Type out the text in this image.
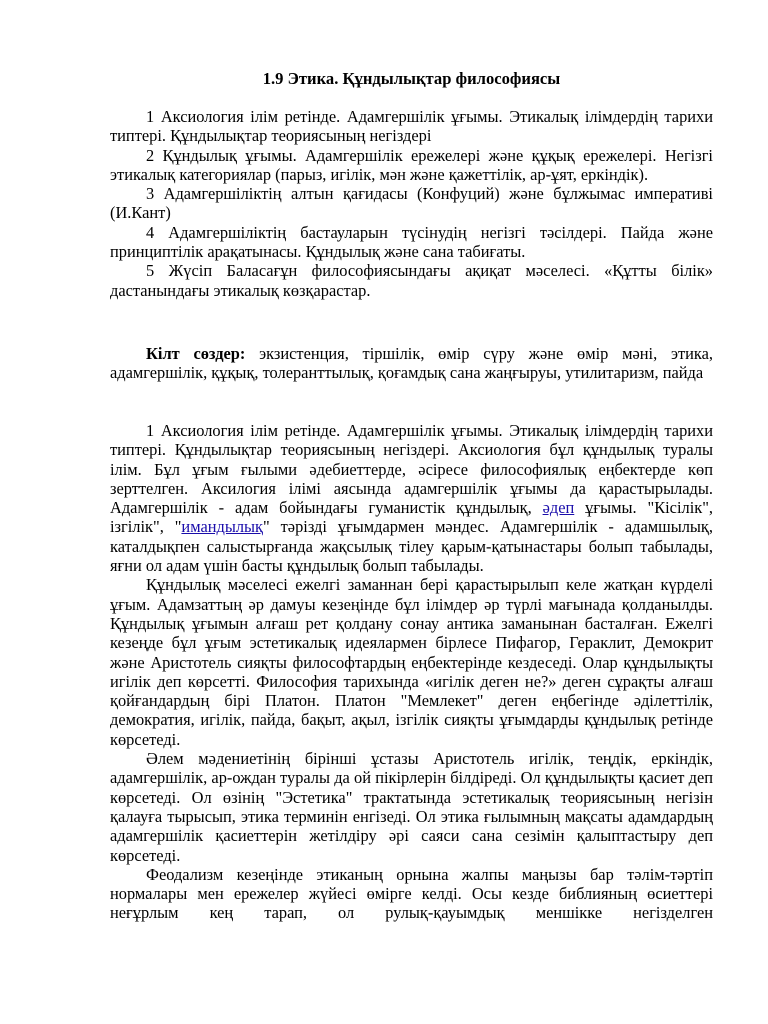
1.9 Этика. Құндылықтар философиясы

1 Аксиология ілім ретінде. Адамгершілік ұғымы. Этикалық ілімдердің тарихи типтері. Құндылықтар теориясының негіздері

2 Құндылық ұғымы. Адамгершілік ережелері және құқық ережелері. Негізгі этикалық категориялар (парыз, игілік, мән және қажеттілік, ар-ұят, еркіндік).

3 Адамгершіліктің алтын қағидасы (Конфуций) және бұлжымас императиві (И.Кант)

4 Адамгершіліктің бастауларын түсінудің негізгі тәсілдері. Пайда және принциптілік арақатынасы. Құндылық және сана табиғаты.

5 Жүсіп Баласағұн философиясындағы ақиқат мәселесі. «Құтты білік» дастанындағы этикалық көзқарастар.

Кілт сөздер: экзистенция, тіршілік, өмір сүру және өмір мәні, этика, адамгершілік, құқық, толеранттылық, қоғамдық сана жаңғыруы, утилитаризм, пайда

1 Аксиология ілім ретінде. Адамгершілік ұғымы. Этикалық ілімдердің тарихи типтері. Құндылықтар теориясының негіздері. Аксиология бұл құндылық туралы ілім. Бұл ұғым ғылыми әдебиеттерде, әсіресе философиялық еңбектерде көп зерттелген. Аксилогия ілімі аясында адамгершілік ұғымы да қарастырылады. Адамгершілік - адам бойындағы гуманистік құндылық, әдеп ұғымы. "Кісілік", ізгілік", "имандылық" тәрізді ұғымдармен мәндес. Адамгершілік - адамшылық, каталдықпен салыстырғанда жақсылық тілеу қарым-қатынастары болып табылады, яғни ол адам үшін басты құндылық болып табылады.

Құндылық мәселесі ежелгі заманнан бері қарастырылып келе жатқан күрделі ұғым. Адамзаттың әр дамуы кезеңінде бұл ілімдер әр түрлі мағынада қолданылды. Құндылық ұғымын алғаш рет қолдану сонау антика заманынан басталған. Ежелгі кезеңде бұл ұғым эстетикалық идеялармен бірлесе Пифагор, Гераклит, Демокрит және Аристотель сияқты философтардың еңбектерінде кездеседі. Олар құндылықты игілік деп көрсетті. Философия тарихында «игілік деген не?» деген сұрақты алғаш қойғандардың бірі Платон. Платон "Мемлекет" деген еңбегінде әділеттілік, демократия, игілік, пайда, бақыт, ақыл, ізгілік сияқты ұғымдарды құндылық ретінде көрсетеді.

Әлем мәдениетінің бірінші ұстазы Аристотель игілік, теңдік, еркіндік, адамгершілік, ар-ождан туралы да ой пікірлерін білдіреді. Ол құндылықты қасиет деп көрсетеді. Ол өзінің "Эстетика" трактатында эстетикалық теориясының негізін қалауға тырысып, этика терминін енгізеді. Ол этика ғылымның мақсаты адамдардың адамгершілік қасиеттерін жетілдіру әрі саяси сана сезімін қалыптастыру деп көрсетеді.

Феодализм кезеңінде этиканың орнына жалпы маңызы бар тәлім-тәртіп нормалары мен ережелер жүйесі өмірге келді. Осы кезде библияның өсиеттері неғұрлым кең тарап, ол рулық-қауымдық меншікке негізделген
